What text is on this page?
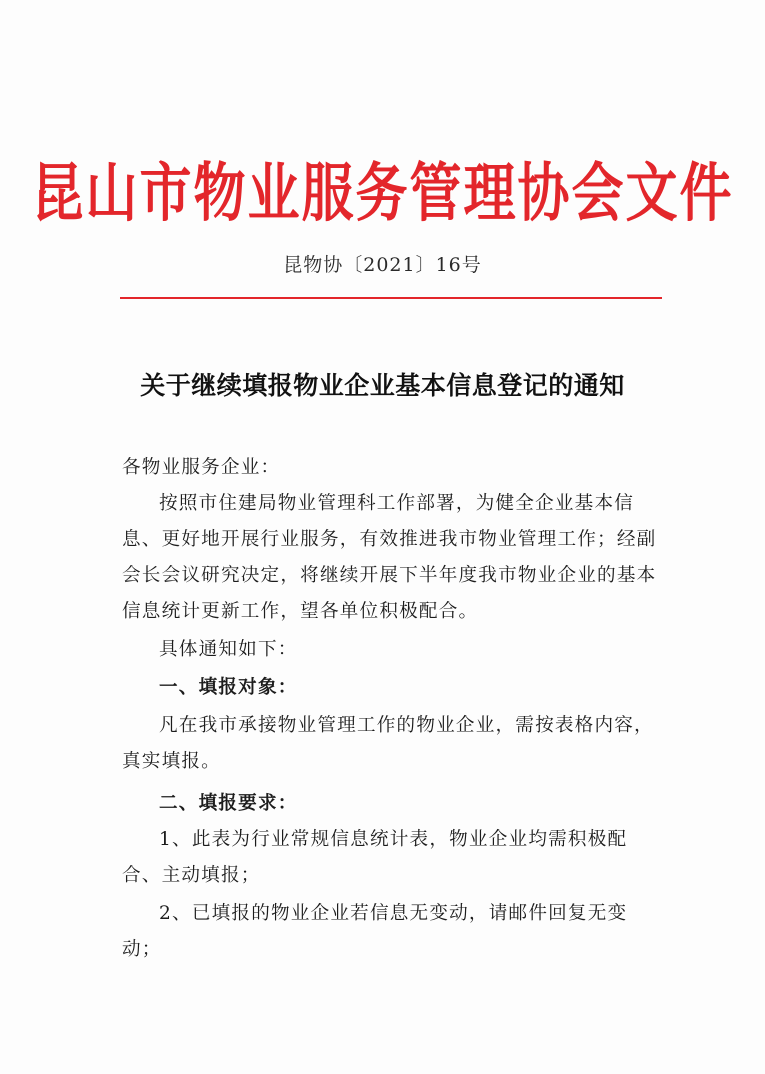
昆山市物业服务管理协会文件
昆物协〔2021〕16号
关于继续填报物业企业基本信息登记的通知

各物业服务企业：

按照市住建局物业管理科工作部署，为健全企业基本信息、更好地开展行业服务，有效推进我市物业管理工作；经副会长会议研究决定，将继续开展下半年度我市物业企业的基本信息统计更新工作，望各单位积极配合。

具体通知如下：

一、填报对象：

凡在我市承接物业管理工作的物业企业，需按表格内容，真实填报。

二、填报要求：

1、此表为行业常规信息统计表，物业企业均需积极配合、主动填报；

2、已填报的物业企业若信息无变动，请邮件回复无变动；
